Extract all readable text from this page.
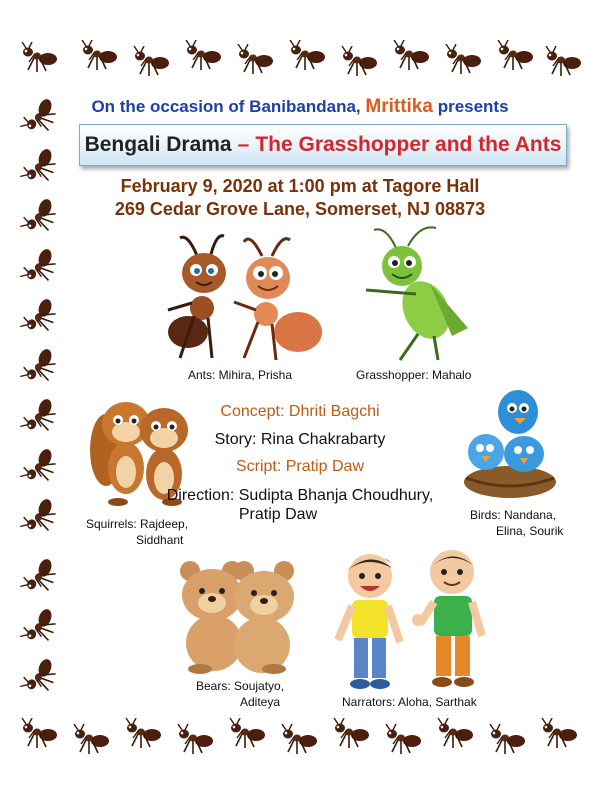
On the occasion of Banibandana, Mrittika presents
Bengali Drama – The Grasshopper and the Ants
February 9, 2020 at 1:00 pm at Tagore Hall
269 Cedar Grove Lane, Somerset, NJ 08873
Ants: Mihira, Prisha	Grasshopper: Mahalo
Squirrels: Rajdeep,
Siddhant
Concept: Dhriti Bagchi
Story: Rina Chakrabarty
Script: Pratip Daw
Direction: Sudipta Bhanja Choudhury,
Pratip Daw	Birds: Nandana,
Elina, Sourik
Bears: Soujatyo,
Aditeya	Narrators: Aloha, Sarthak
